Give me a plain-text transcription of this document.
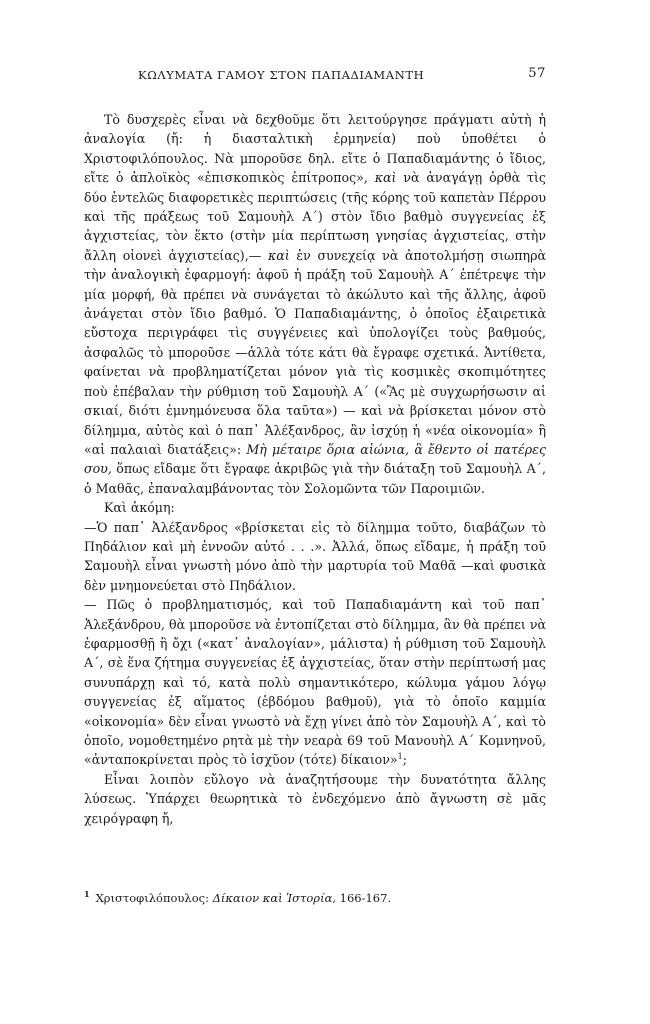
ΚΩΛΥΜΑΤΑ ΓΑΜΟΥ ΣΤΟΝ ΠΑΠΑΔΙΑΜΑΝΤΗ	57

Τὸ δυσχερὲς εἶναι νὰ δεχθοῦμε ὅτι λειτούργησε πράγματι αὐτὴ ἡ ἀναλογία (ἤ: ἡ διασταλτικὴ ἑρμηνεία) ποὺ ὑποθέτει ὁ Χριστοφιλόπουλος. Νὰ μποροῦσε δηλ. εἴτε ὁ Παπαδιαμάντης ὁ ἴδιος, εἴτε ὁ ἁπλοϊκὸς «ἐπισκοπικὸς ἐπίτροπος», καὶ νὰ ἀναγάγῃ ὀρθὰ τὶς δύο ἐντελῶς διαφορετικὲς περιπτώσεις (τῆς κόρης τοῦ καπετὰν Πέρρου καὶ τῆς πράξεως τοῦ Σαμουὴλ Α΄) στὸν ἴδιο βαθμὸ συγγενείας ἐξ ἀγχιστείας, τὸν ἕκτο (στὴν μία περίπτωση γνησίας ἀγχιστείας, στὴν ἄλλη οἱονεὶ ἀγχιστείας),— καὶ ἐν συνεχείᾳ νὰ ἀποτολμήσῃ σιωπηρὰ τὴν ἀναλογικὴ ἐφαρμογή: ἀφοῦ ἡ πράξη τοῦ Σαμουὴλ Α΄ ἐπέτρεψε τὴν μία μορφή, θὰ πρέπει νὰ συνάγεται τὸ ἀκώλυτο καὶ τῆς ἄλλης, ἀφοῦ ἀνάγεται στὸν ἴδιο βαθμό. Ὁ Παπαδιαμάντης, ὁ ὁποῖος ἐξαιρετικὰ εὔστοχα περιγράφει τὶς συγγένειες καὶ ὑπολογίζει τοὺς βαθμούς, ἀσφαλῶς τὸ μποροῦσε —ἀλλὰ τότε κάτι θὰ ἔγραφε σχετικά. Ἀντίθετα, φαίνεται νὰ προβληματίζεται μόνον γιὰ τὶς κοσμικὲς σκοπιμότητες ποὺ ἐπέβαλαν τὴν ρύθμιση τοῦ Σαμουὴλ Α΄ («Ἂς μὲ συγχωρήσωσιν αἱ σκιαί, διότι ἐμνημόνευσα ὅλα ταῦτα») — καὶ νὰ βρίσκεται μόνον στὸ δίλημμα, αὐτὸς καὶ ὁ παπ᾿ Ἀλέξανδρος, ἂν ἰσχύῃ ἡ «νέα οἰκονομία» ἢ «αἱ παλαιαὶ διατάξεις»: Μὴ μέταιρε ὅρια αἰώνια, ἃ ἔθεντο οἱ πατέρες σου, ὅπως εἴδαμε ὅτι ἔγραφε ἀκριβῶς γιὰ τὴν διάταξη τοῦ Σαμουὴλ Α΄, ὁ Μαθᾶς, ἐπαναλαμβάνοντας τὸν Σολομῶντα τῶν Παροιμιῶν.

Καὶ ἀκόμη:

—Ὁ παπ᾿ Ἀλέξανδρος «βρίσκεται εἰς τὸ δίλημμα τοῦτο, διαβάζων τὸ Πηδάλιον καὶ μὴ ἐννοῶν αὐτό . . .». Ἀλλά, ὅπως εἴδαμε, ἡ πράξη τοῦ Σαμουὴλ εἶναι γνωστὴ μόνο ἀπὸ τὴν μαρτυρία τοῦ Μαθᾶ —καὶ φυσικὰ δὲν μνημονεύεται στὸ Πηδάλιον.

— Πῶς ὁ προβληματισμός, καὶ τοῦ Παπαδιαμάντη καὶ τοῦ παπ᾿ Ἀλεξάνδρου, θὰ μποροῦσε νὰ ἐντοπίζεται στὸ δίλημμα, ἂν θὰ πρέπει νὰ ἐφαρμοσθῇ ἢ ὄχι («κατ᾿ ἀναλογίαν», μάλιστα) ἡ ρύθμιση τοῦ Σαμουὴλ Α΄, σὲ ἕνα ζήτημα συγγενείας ἐξ ἀγχιστείας, ὅταν στὴν περίπτωσή μας συνυπάρχῃ καὶ τό, κατὰ πολὺ σημαντικότερο, κώλυμα γάμου λόγῳ συγγενείας ἐξ αἵματος (ἑβδόμου βαθμοῦ), γιὰ τὸ ὁποῖο καμμία «οἰκονομία» δὲν εἶναι γνωστὸ νὰ ἔχῃ γίνει ἀπὸ τὸν Σαμουὴλ Α΄, καὶ τὸ ὁποῖο, νομοθετημένο ρητὰ μὲ τὴν νεαρὰ 69 τοῦ Μανουὴλ Α΄ Κομνηνοῦ, «ἀνταποκρίνεται πρὸς τὸ ἰσχῦον (τότε) δίκαιον»$^1$;

Εἶναι λοιπὸν εὔλογο νὰ ἀναζητήσουμε τὴν δυνατότητα ἄλλης λύσεως. Ὑπάρχει θεωρητικὰ τὸ ἐνδεχόμενο ἀπὸ ἄγνωστη σὲ μᾶς χειρόγραφη ἤ,

$^1$ Χριστοφιλόπουλος: Δίκαιον καὶ Ἱστορία, 166-167.
